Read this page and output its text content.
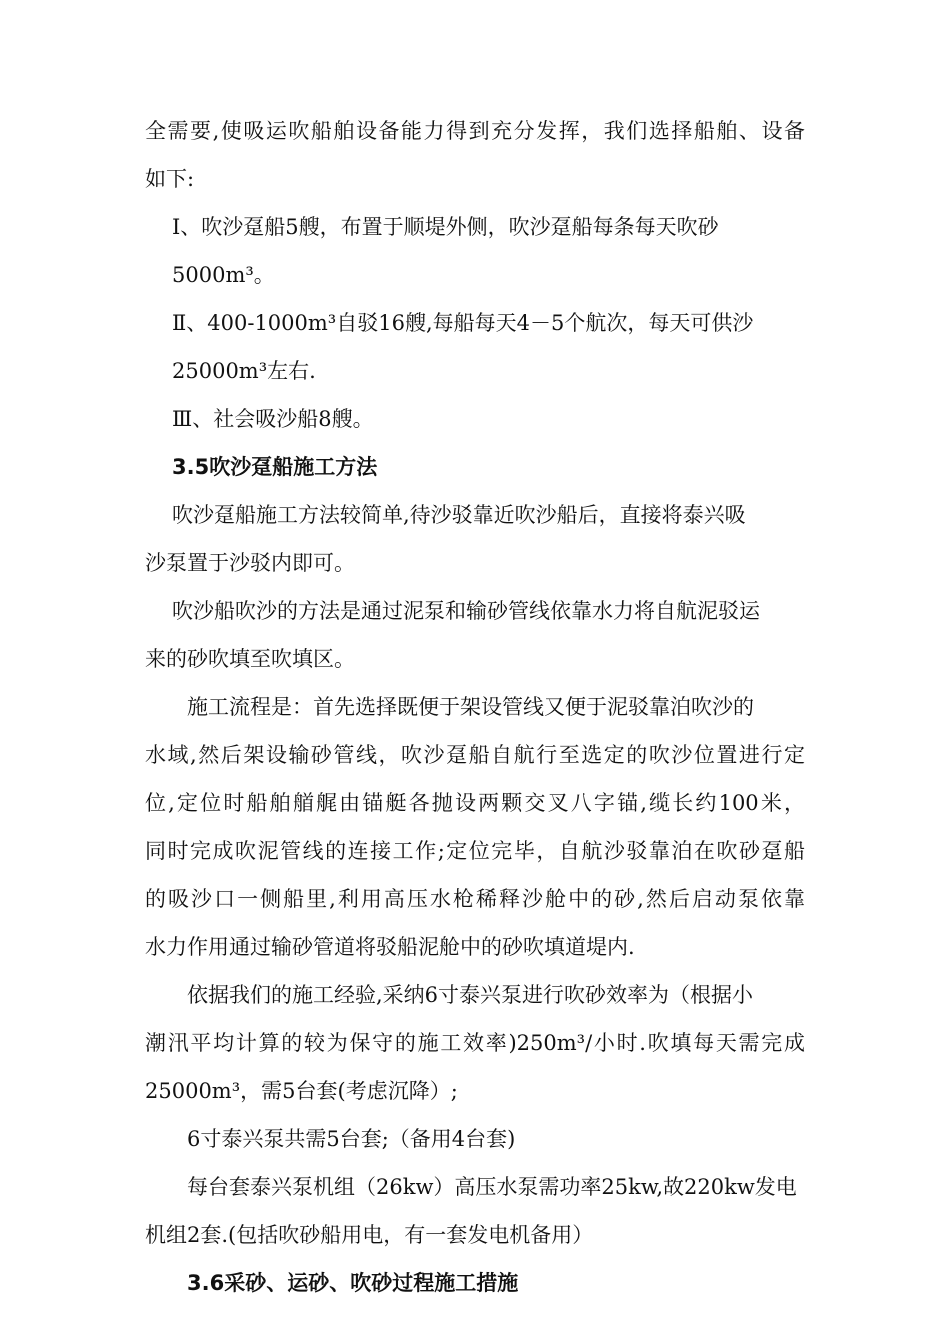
全需要,使吸运吹船舶设备能力得到充分发挥，我们选择船舶、设备
如下:
Ⅰ、吹沙趸船5艘，布置于顺堤外侧，吹沙趸船每条每天吹砂
5000m³。
Ⅱ、400-1000m³自驳16艘,每船每天4－5个航次，每天可供沙
25000m³左右.
Ⅲ、社会吸沙船8艘。
3.5吹沙趸船施工方法
吹沙趸船施工方法较简单,待沙驳靠近吹沙船后，直接将泰兴吸
沙泵置于沙驳内即可。
吹沙船吹沙的方法是通过泥泵和输砂管线依靠水力将自航泥驳运
来的砂吹填至吹填区。
施工流程是：首先选择既便于架设管线又便于泥驳靠泊吹沙的
水域,然后架设输砂管线，吹沙趸船自航行至选定的吹沙位置进行定
位,定位时船舶艏艉由锚艇各抛设两颗交叉八字锚,缆长约100米，
同时完成吹泥管线的连接工作;定位完毕，自航沙驳靠泊在吹砂趸船
的吸沙口一侧船里,利用高压水枪稀释沙舱中的砂,然后启动泵依靠
水力作用通过输砂管道将驳船泥舱中的砂吹填道堤内.
依据我们的施工经验,采纳6寸泰兴泵进行吹砂效率为（根据小
潮汛平均计算的较为保守的施工效率)250m³/小时.吹填每天需完成
25000m³，需5台套(考虑沉降）;
6寸泰兴泵共需5台套;（备用4台套)
每台套泰兴泵机组（26kw）高压水泵需功率25kw,故220kw发电
机组2套.(包括吹砂船用电，有一套发电机备用）
3.6采砂、运砂、吹砂过程施工措施
